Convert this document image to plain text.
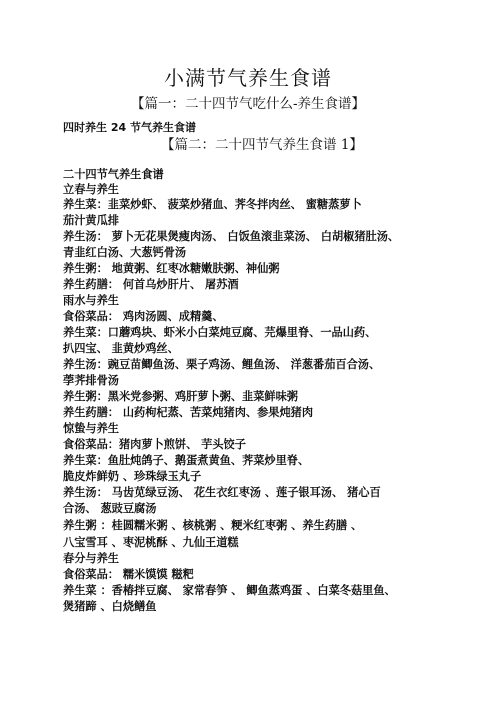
小满节气养生食谱
【篇一：二十四节气吃什么-养生食谱】
四时养生 24 节气养生食谱
【篇二：二十四节气养生食谱 1】
二十四节气养生食谱
立春与养生
养生菜：韭菜炒虾、 菠菜炒猪血、荠冬拌肉丝、 蜜糖蒸萝卜
茄汁黄瓜排
养生汤： 萝卜无花果煲瘦肉汤、 白饭鱼滚韭菜汤、 白胡椒猪肚汤、
青韭红白汤、大葱钙骨汤
养生粥： 地黄粥、红枣冰糖嫩肤粥、神仙粥
养生药膳： 何首乌炒肝片、 屠苏酒
雨水与养生
食俗菜品： 鸡肉汤圆、成精羹、
养生菜：口蘑鸡块、虾米小白菜炖豆腐、芫爆里脊、一品山药、
扒四宝、 韭黄炒鸡丝、
养生汤：豌豆苗鲫鱼汤、栗子鸡汤、鲤鱼汤、 洋葱番茄百合汤、
荸荠排骨汤
养生粥：黑米党参粥、鸡肝萝卜粥、韭菜鲜味粥
养生药膳： 山药枸杞蒸、苦菜炖猪肉、参果炖猪肉
惊蛰与养生
食俗菜品：猪肉萝卜煎饼、 芋头饺子
养生菜：鱼肚炖鸽子、鹅蛋煮黄鱼、荠菜炒里脊、
脆皮炸鲜奶 、珍珠绿玉丸子
养生汤： 马齿苋绿豆汤、 花生衣红枣汤 、莲子银耳汤、 猪心百
合汤、 葱豉豆腐汤
养生粥 ：桂圆糯米粥 、核桃粥 、粳米红枣粥 、养生药膳 、
八宝雪耳 、枣泥桃酥 、九仙王道糕
春分与养生
食俗菜品： 糯米馍馍 糍粑
养生菜 ：香椿拌豆腐、 家常春笋 、 鲫鱼蒸鸡蛋 、白菜冬菇里鱼、
煲猪蹄 、白烧鳝鱼
